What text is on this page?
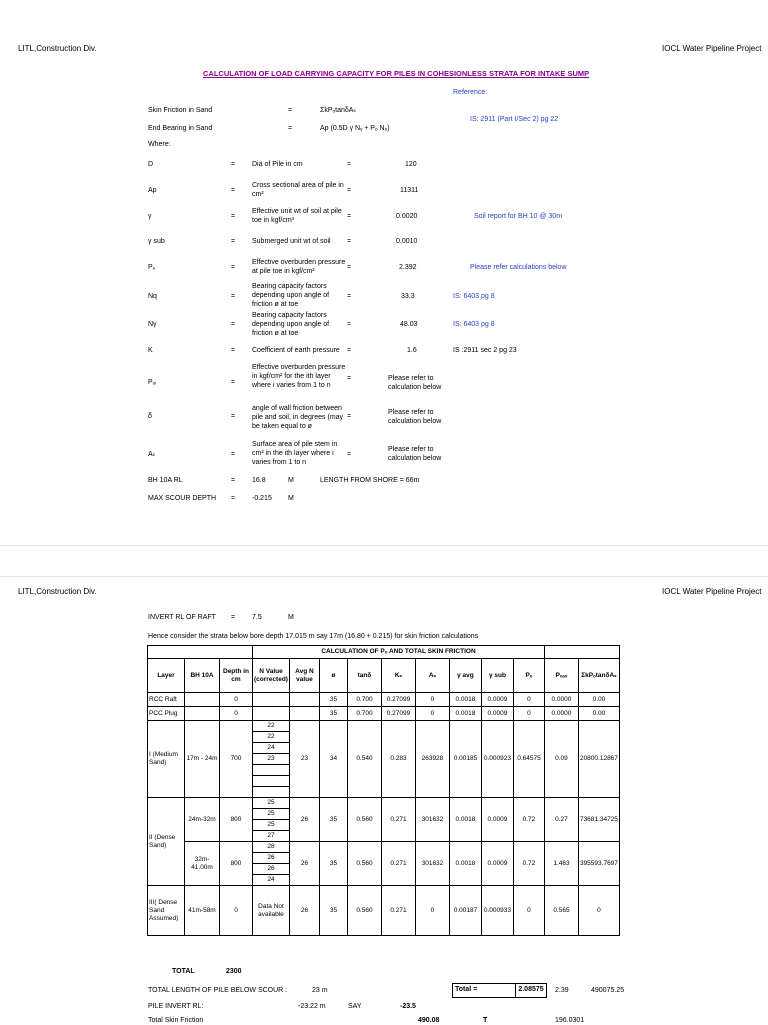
LITL,Construction Div.	IOCL Water Pipeline Project
CALCULATION OF LOAD CARRYING CAPACITY FOR PILES IN COHESIONLESS STRATA FOR INTAKE SUMP
Reference:
Skin Friction in Sand	=	ΣkPₒtanδAₛ
IS: 2911 (Part I/Sec 2) pg 22
End Bearing in Sand	=	Ap (0.5D γ Nᵧ + Pₒ Nₑ)
Where:
D	= Dia of Pile in cm	=	120
Ap	=
Cross sectional area of pile in cm²
=	11311
γ	=
Effective unit wt of soil at pile toe in kgf/cm³
=	0.0020	Soil report for BH 10 @ 30m
γ sub	= Submerged unit wt of soil =	0.0010
Pₒ	=
Effective overburden pressure at pile toe in kgf/cm²
=	2.392	Please refer calculations below
Nq	=
Bearing capacity factors depending upon angle of friction ø at toe
=	33.3	IS: 6403 pg 8
Nγ	=
Bearing capacity factors depending upon angle of friction ø at toe
=	48.03	IS: 6403 pg 8
K	= Coefficient of earth pressure =	1.6	IS :2911 sec 2 pg 23
Pₒᵢ	=
Effective overburden pressure in kgf/cm² for the ith layer where i varies from 1 to n
=	Please refer to calculation below
δ	=
angle of wall friction between pile and soil, in degrees (may be taken equal to ø
=
Please refer to calculation below
Aₛ	=
Surface area of pile stem in cm² in the ith layer where i varies from 1 to n
=
Please refer to calculation below
BH 10A RL	= 16.8	M	LENGTH FROM SHORE = 66m
MAX SCOUR DEPTH = -0.215 M
LITL,Construction Div.	IOCL Water Pipeline Project
INVERT RL OF RAFT = 7.5	M
Hence consider the strata below bore depth 17.015 m say 17m (16.80 + 0.215) for skin friction calculations
			CALCULATION OF Pₒ AND TOTAL SKIN FRICTION										
Layer	BH 10A	Depth in cm	N Value (corrected)	Avg N value	ø	tanδ	Kₛ	Aₛ	γ avg	γ sub	Pₒ	Pₒₐᵥ	ΣkPₒtanδAₛ
RCC Raft		0			35	0.700	0.27099	0	0.0018	0.0009	0	0.0000	0.00
PCC Plug		0			35	0.700	0.27099	0	0.0018	0.0009	0	0.0000	0.00
I (Medium Sand)	17m - 24m	700	22	23	34	0.540	0.283	263928	0.00185	0.000923	0.64575	0.09	20800.12867
			22										
			24										
			23										

II (Dense Sand)	24m-32m	800	25	26	35	0.560	0.271	301632	0.0018	0.0009	0.72	0.27	73681.34725
			25										
			25										
			27										
	32m-41.00m	800	28	26	35	0.560	0.271	301632	0.0018	0.0009	0.72	1.463	395593.7697
			26										
			26										
			24										
III( Dense Sand Assumed)	41m-58m	0	Data Not available	26	35	0.560	0.271	0	0.00187	0.000933	0	0.565	0
TOTAL	2300
TOTAL LENGTH OF PILE BELOW SCOUR :	23 m	Total =	2.08575	2.39	490075.25
PILE INVERT RL:	-23.22 m	SAY	-23.5
Total Skin Friction	490.08	T	196.0301
